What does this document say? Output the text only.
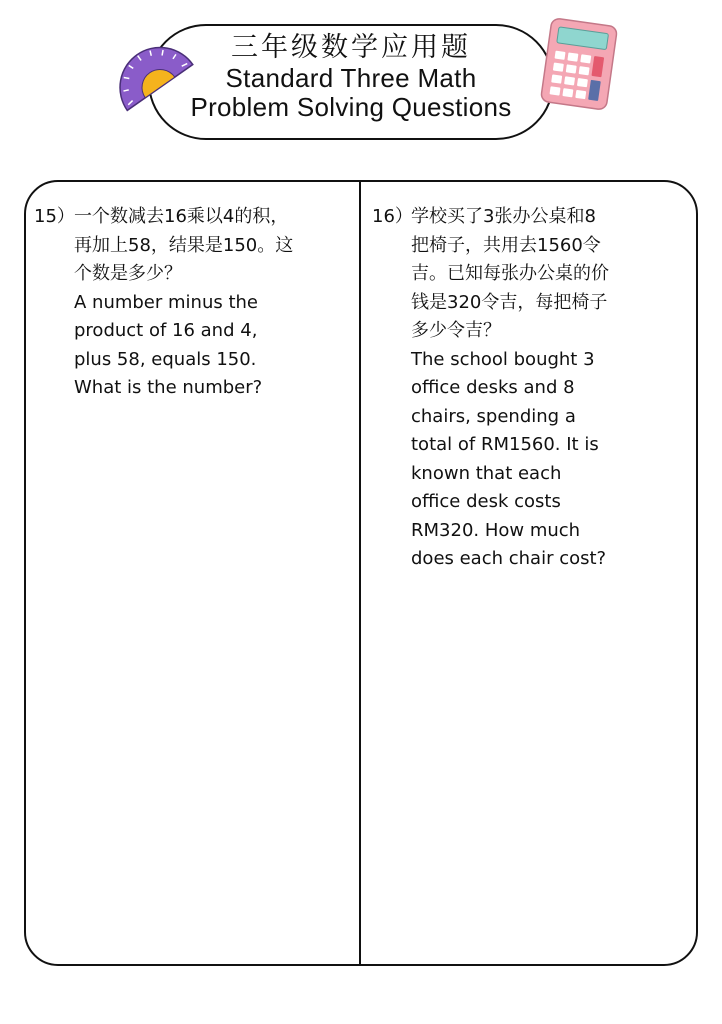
三年级数学应用题
Standard Three Math
Problem Solving Questions
15） 一个数减去16乘以4的积，
再加上58，结果是150。这
个数是多少？
A number minus the
product of 16 and 4,
plus 58, equals 150.
What is the number?
16）
学校买了3张办公桌和8
把椅子，共用去1560令
吉。已知每张办公桌的价
钱是320令吉，每把椅子
多少令吉？
The school bought 3
office desks and 8
chairs, spending a
total of RM1560. It is
known that each
office desk costs
RM320. How much
does each chair cost?
